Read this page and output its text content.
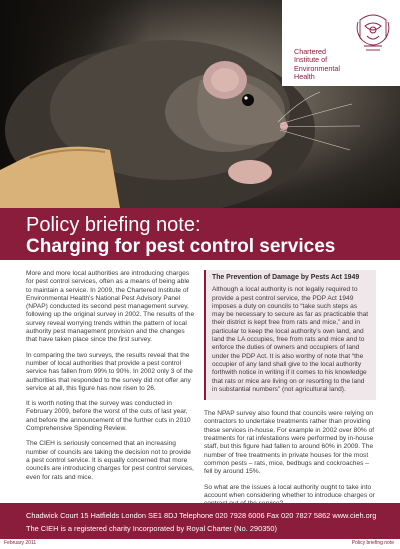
Chartered
Institute of
Environmental
Health
Policy briefing note:
Charging for pest control services

More and more local authorities are introducing charges for pest control services, often as a means of being able to maintain a service. In 2009, the Chartered Institute of Environmental Health’s National Pest Advisory Panel (NPAP) conducted its second pest management survey, following up the original survey in 2002. The results of the survey reveal worrying trends within the pattern of local authority pest management provision and the changes that have taken place since the first survey.

In comparing the two surveys, the results reveal that the number of local authorities that provide a pest control service has fallen from 99% to 90%. In 2002 only 3 of the authorities that responded to the survey did not offer any service at all, this figure has now risen to 26.

It is worth noting that the survey was conducted in February 2009, before the worst of the cuts of last year, and before the announcement of the further cuts in 2010 Comprehensive Spending Review.

The CIEH is seriously concerned that an increasing number of councils are taking the decision not to provide a pest control service. It is equally concerned that more councils are introducing charges for pest control services, even for rats and mice.

The Prevention of Damage by Pests Act 1949

Although a local authority is not legally required to provide a pest control service, the PDP Act 1949 imposes a duty on councils to “take such steps as may be necessary to secure as far as practicable that their district is kept free from rats and mice,” and in particular to keep the local authority’s own land, and land the LA occupies, free from rats and mice and to enforce the duties of owners and occupiers of land under the PDP Act. It is also worthy of note that “the occupier of any land shall give to the local authority forthwith notice in writing if it comes to his knowledge that rats or mice are living on or resorting to the land in substantial numbers” (not agricultural land).

The NPAP survey also found that councils were relying on contractors to undertake treatments rather than providing these services in-house. For example in 2002 over 80% of treatments for rat infestations were performed by in-house staff, but this figure had fallen to around 60% in 2009. The number of free treatments in private houses for the most common pests – rats, mice, bedbugs and cockroaches – fell by around 15%.

So what are the issues a local authority ought to take into account when considering whether to introduce charges or

Chadwick Court 15 Hatfields London SE1 8DJ Telephone 020 7928 6006 Fax 020 7827 5862 www.cieh.org
The CIEH is a registered charity Incorporated by Royal Charter (No. 290350)
February 2011	Policy briefing note
